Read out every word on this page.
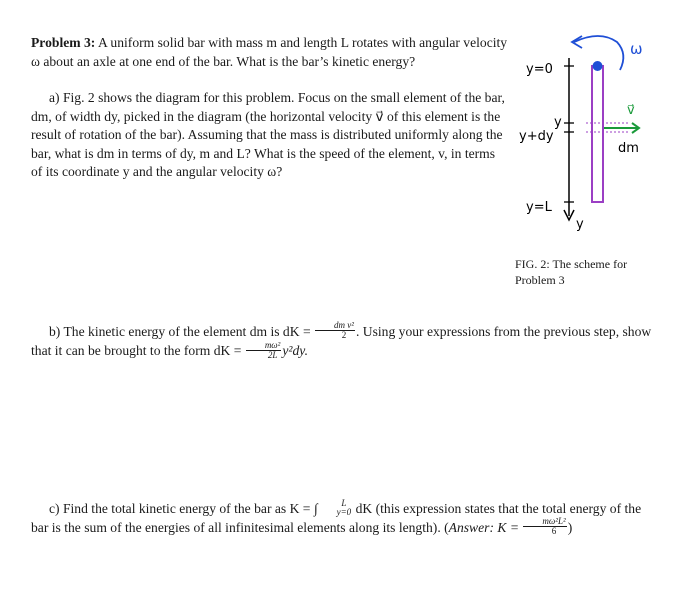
Problem 3: A uniform solid bar with mass m and length L rotates with angular velocity ω about an axle at one end of the bar. What is the bar’s kinetic energy?

a) Fig. 2 shows the diagram for this problem. Focus on the small element of the bar, dm, of width dy, picked in the diagram (the horizontal velocity v⃗ of this element is the result of rotation of the bar). Assuming that the mass is distributed uniformly along the bar, what is dm in terms of dy, m and L? What is the speed of the element, v, in terms of its coordinate y and the angular velocity ω?

b) The kinetic energy of the element dm is dK = $\frac{\text{dm v²}}{2}$ . Using your expressions from the previous step, show that it can be brought to the form dK = $\frac{\text{mω²}}{2L} y^2dy$.

c) Find the total kinetic energy of the bar as K = ∫	L
y=0 dK (this expression states that the total energy of the bar is the sum of the energies of all infinitesimal elements along its length). (Answer: $K = \frac{\text{mω²L²}}{6}$ )

y=0
y
y+dy
y=L
y
dm
v⃗
ω
FIG. 2: The scheme for Problem 3
